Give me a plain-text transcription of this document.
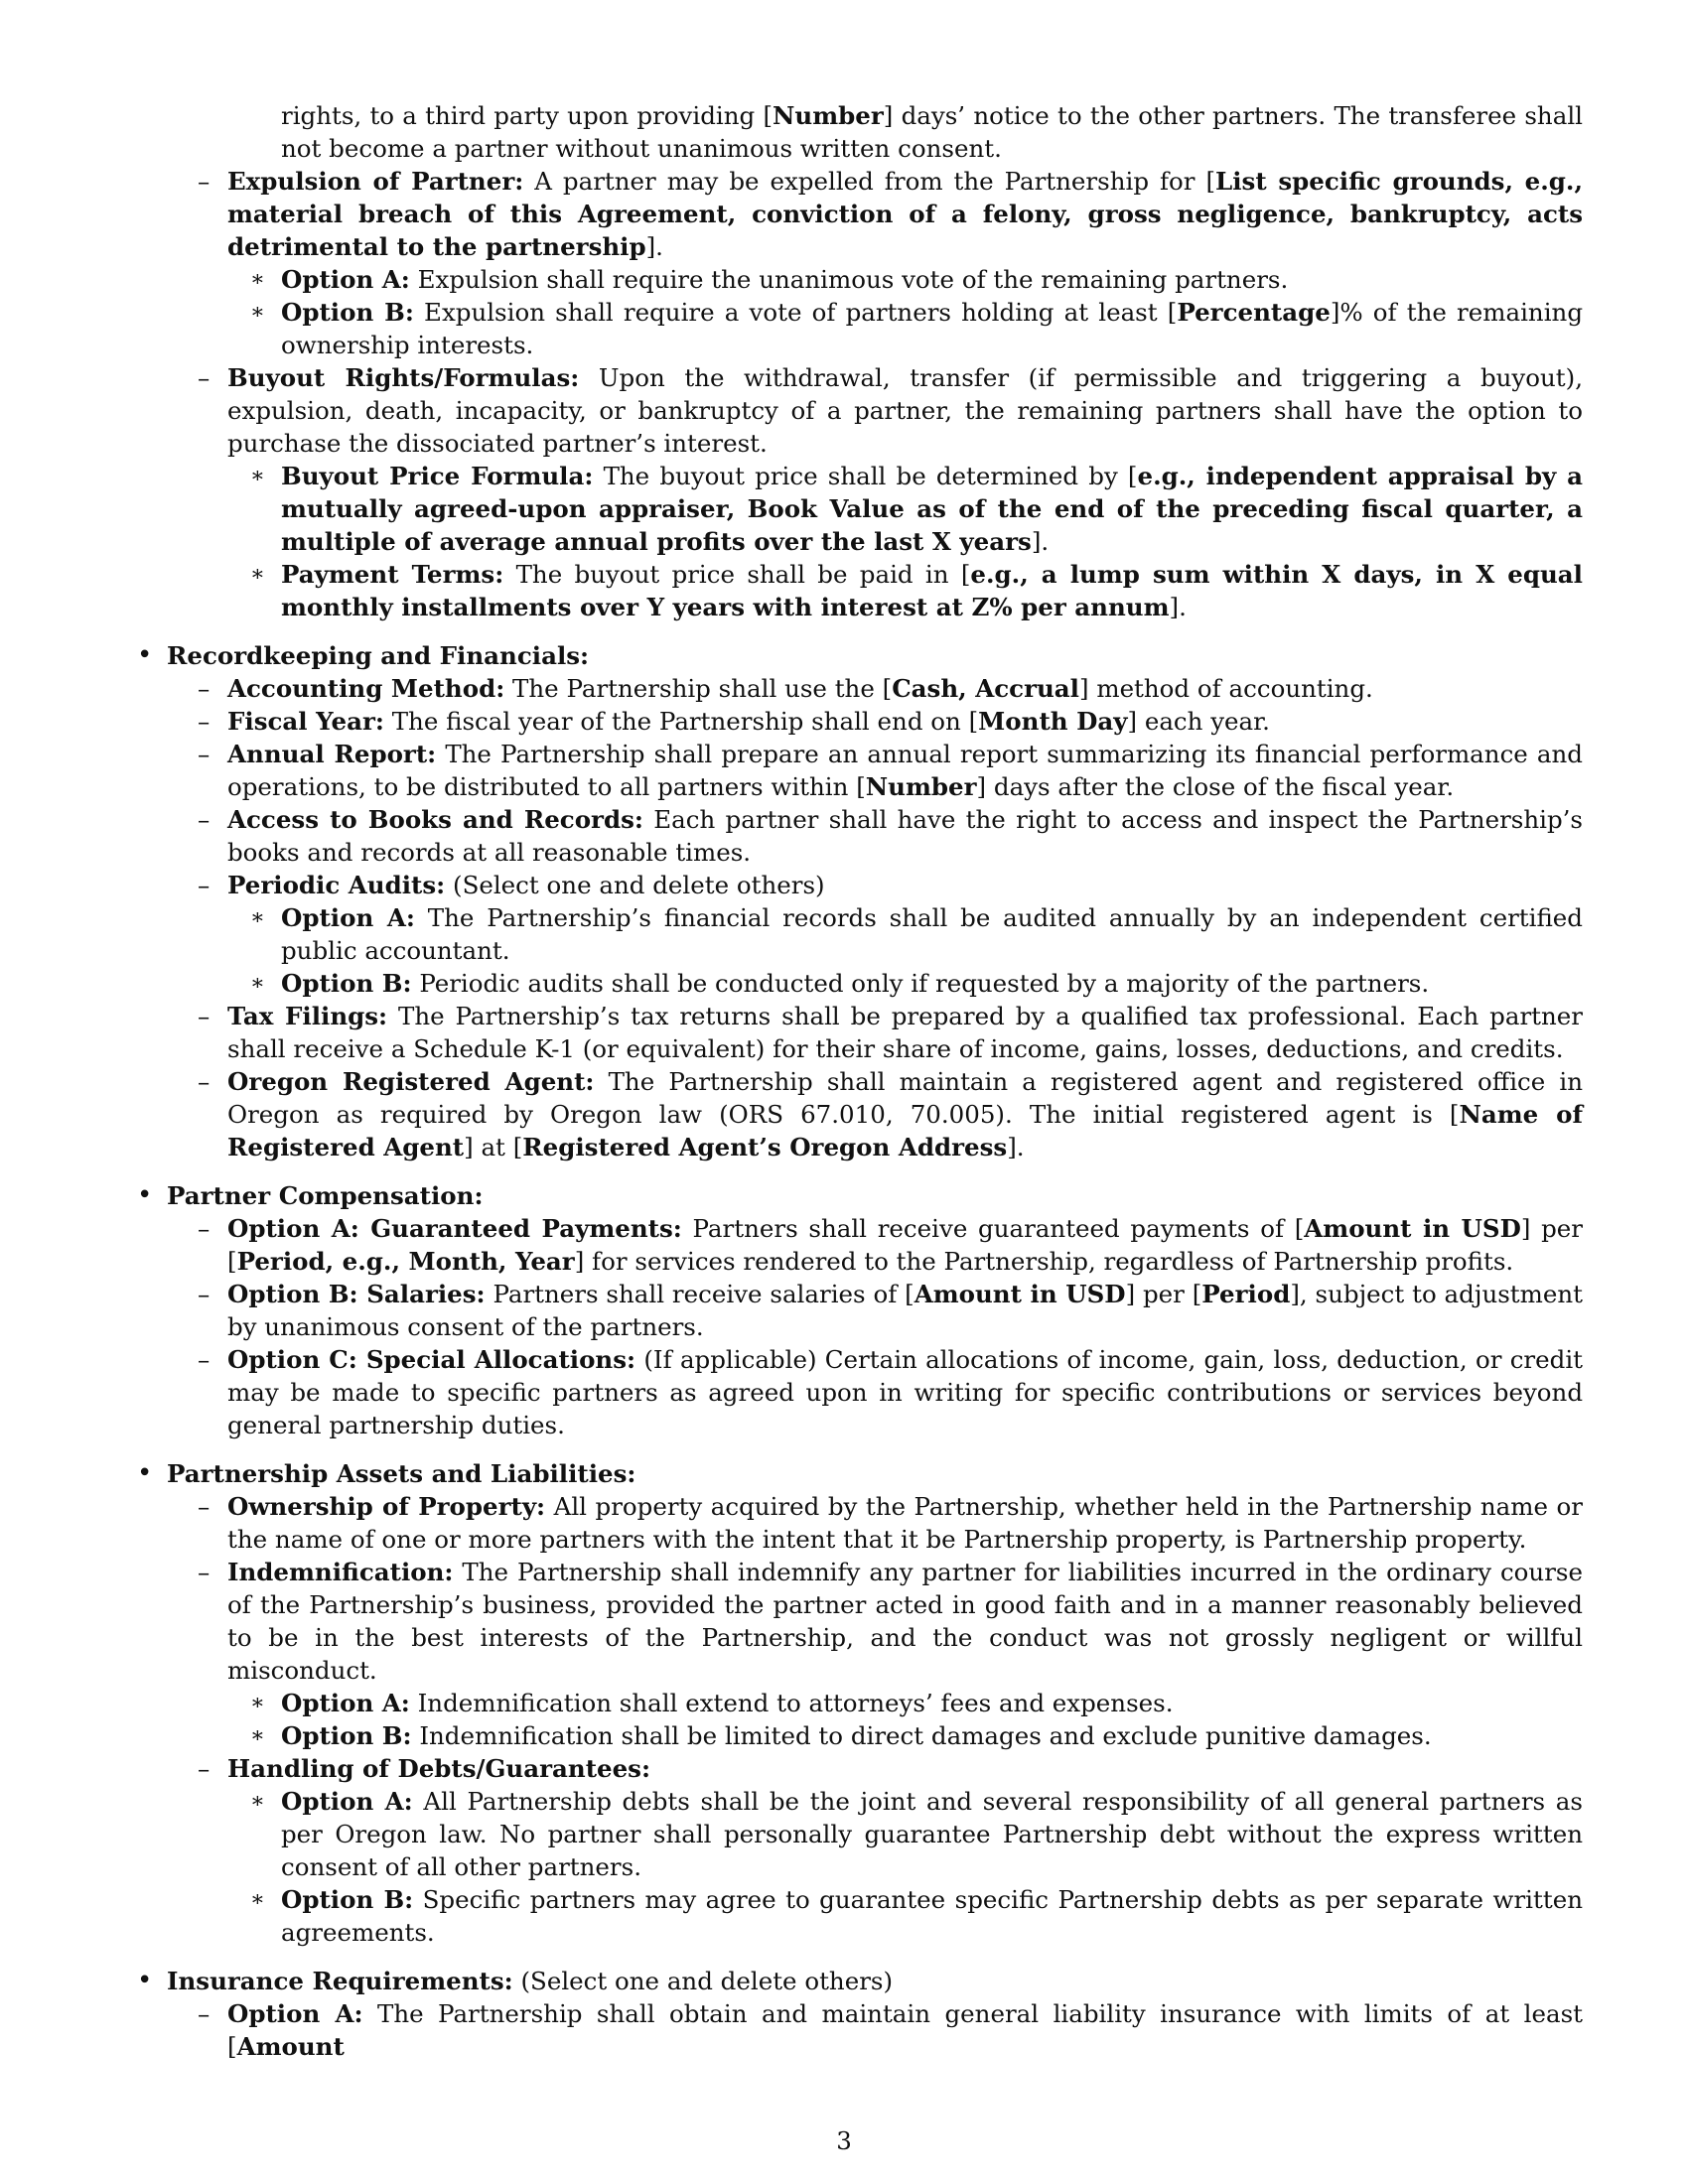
rights, to a third party upon providing [Number] days’ notice to the other partners. The transferee shall not become a partner without unanimous written consent.

– Expulsion of Partner: A partner may be expelled from the Partnership for [List specific grounds, e.g., material breach of this Agreement, conviction of a felony, gross negligence, bankruptcy, acts detrimental to the partnership].

∗ Option A: Expulsion shall require the unanimous vote of the remaining partners.

∗ Option B: Expulsion shall require a vote of partners holding at least [Percentage]% of the remaining ownership interests.

– Buyout Rights/Formulas: Upon the withdrawal, transfer (if permissible and triggering a buyout), expulsion, death, incapacity, or bankruptcy of a partner, the remaining partners shall have the option to purchase the dissociated partner’s interest.

∗ Buyout Price Formula: The buyout price shall be determined by [e.g., independent appraisal by a mutually agreed-upon appraiser, Book Value as of the end of the preceding fiscal quarter, a multiple of average annual profits over the last X years].

∗ Payment Terms: The buyout price shall be paid in [e.g., a lump sum within X days, in X equal monthly installments over Y years with interest at Z% per annum].

• Recordkeeping and Financials:

– Accounting Method: The Partnership shall use the [Cash, Accrual] method of accounting.

– Fiscal Year: The fiscal year of the Partnership shall end on [Month Day] each year.

– Annual Report: The Partnership shall prepare an annual report summarizing its financial performance and operations, to be distributed to all partners within [Number] days after the close of the fiscal year.

– Access to Books and Records: Each partner shall have the right to access and inspect the Partnership’s books and records at all reasonable times.

– Periodic Audits: (Select one and delete others)

∗ Option A: The Partnership’s financial records shall be audited annually by an independent certified public accountant.

∗ Option B: Periodic audits shall be conducted only if requested by a majority of the partners.

– Tax Filings: The Partnership’s tax returns shall be prepared by a qualified tax professional. Each partner shall receive a Schedule K-1 (or equivalent) for their share of income, gains, losses, deductions, and credits.

– Oregon Registered Agent: The Partnership shall maintain a registered agent and registered office in Oregon as required by Oregon law (ORS 67.010, 70.005). The initial registered agent is [Name of Registered Agent] at [Registered Agent’s Oregon Address].

• Partner Compensation:

– Option A: Guaranteed Payments: Partners shall receive guaranteed payments of [Amount in USD] per [Period, e.g., Month, Year] for services rendered to the Partnership, regardless of Partnership profits.

– Option B: Salaries: Partners shall receive salaries of [Amount in USD] per [Period], subject to adjustment by unanimous consent of the partners.

– Option C: Special Allocations: (If applicable) Certain allocations of income, gain, loss, deduction, or credit may be made to specific partners as agreed upon in writing for specific contributions or services beyond general partnership duties.

• Partnership Assets and Liabilities:

– Ownership of Property: All property acquired by the Partnership, whether held in the Partnership name or the name of one or more partners with the intent that it be Partnership property, is Partnership property.

– Indemnification: The Partnership shall indemnify any partner for liabilities incurred in the ordinary course of the Partnership’s business, provided the partner acted in good faith and in a manner reasonably believed to be in the best interests of the Partnership, and the conduct was not grossly negligent or willful misconduct.

∗ Option A: Indemnification shall extend to attorneys’ fees and expenses.

∗ Option B: Indemnification shall be limited to direct damages and exclude punitive damages.

– Handling of Debts/Guarantees:

∗ Option A: All Partnership debts shall be the joint and several responsibility of all general partners as per Oregon law. No partner shall personally guarantee Partnership debt without the express written consent of all other partners.

∗ Option B: Specific partners may agree to guarantee specific Partnership debts as per separate written agreements.

• Insurance Requirements: (Select one and delete others)

– Option A: The Partnership shall obtain and maintain general liability insurance with limits of at least [Amount

3
